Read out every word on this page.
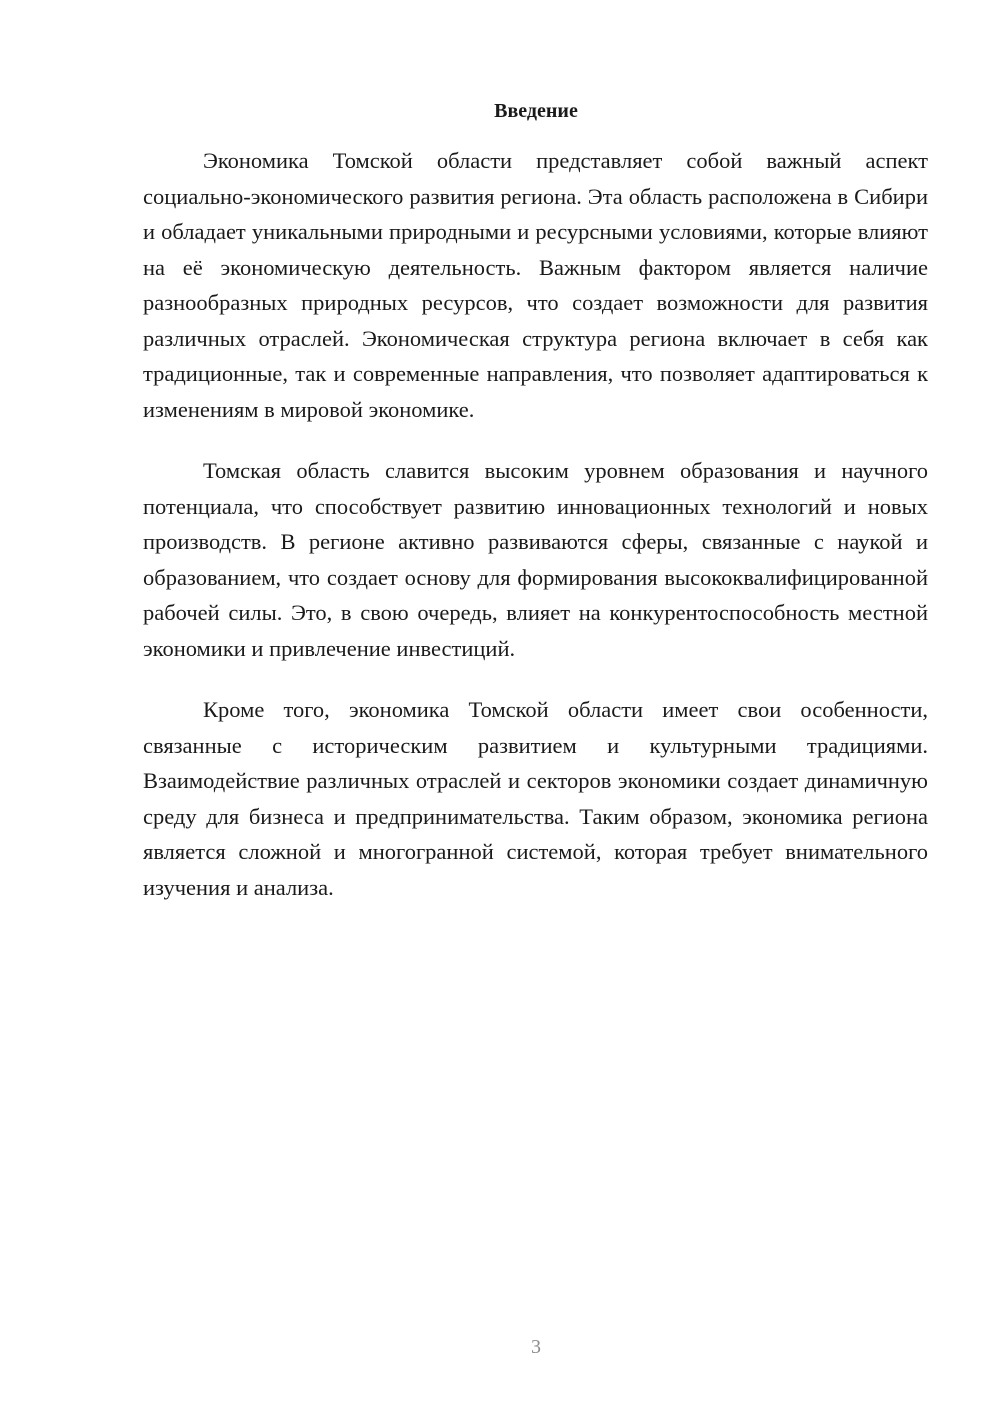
Введение

Экономика Томской области представляет собой важный аспект социально-экономического развития региона. Эта область расположена в Сибири и обладает уникальными природными и ресурсными условиями, которые влияют на её экономическую деятельность. Важным фактором является наличие разнообразных природных ресурсов, что создает возможности для развития различных отраслей. Экономическая структура региона включает в себя как традиционные, так и современные направления, что позволяет адаптироваться к изменениям в мировой экономике.

Томская область славится высоким уровнем образования и научного потенциала, что способствует развитию инновационных технологий и новых производств. В регионе активно развиваются сферы, связанные с наукой и образованием, что создает основу для формирования высококвалифицированной рабочей силы. Это, в свою очередь, влияет на конкурентоспособность местной экономики и привлечение инвестиций.

Кроме того, экономика Томской области имеет свои особенности, связанные с историческим развитием и культурными традициями. Взаимодействие различных отраслей и секторов экономики создает динамичную среду для бизнеса и предпринимательства. Таким образом, экономика региона является сложной и многогранной системой, которая требует внимательного изучения и анализа.

3
